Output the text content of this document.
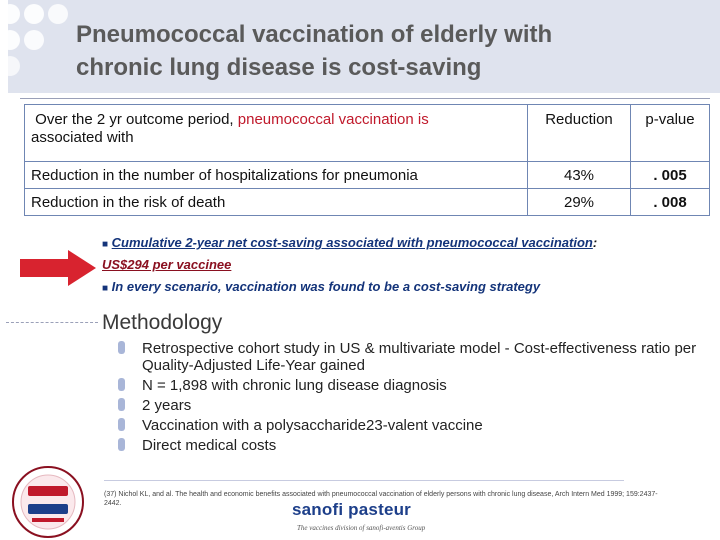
Pneumococcal vaccination of elderly with
chronic lung disease is cost-saving
Over the 2 yr outcome period, pneumococcal vaccination is
associated with	Reduction	p-value
Reduction in the number of hospitalizations for pneumonia	43%	. 005
Reduction in the risk of death	29%	. 008
■ Cumulative 2-year net cost-saving associated with pneumococcal vaccination:
US$294 per vaccinee
■ In every scenario, vaccination was found to be a cost-saving strategy
Methodology
Retrospective cohort study in US & multivariate model - Cost-effectiveness ratio per Quality-Adjusted Life-Year gained
N = 1,898 with chronic lung disease diagnosis
2 years
Vaccination with a polysaccharide23-valent vaccine
Direct medical costs
(37) Nichol KL, and al. The health and economic benefits associated with pneumococcal vaccination of elderly persons with chronic lung disease, Arch Intern Med 1999; 159:2437-2442.	sanofi pasteur
The vaccines division of sanofi-aventis Group
